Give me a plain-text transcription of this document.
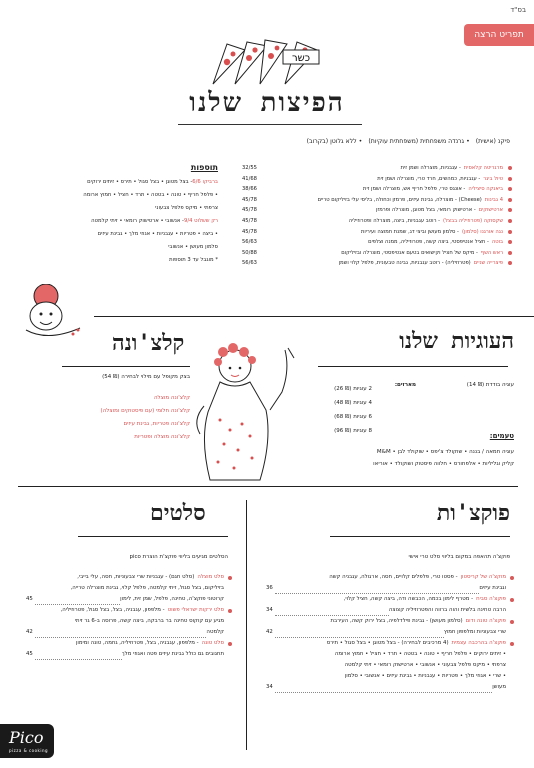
בס"ד
תפריט הרצה
כשר
הפיצות שלנו
פיקנ (אישית)• גרנדה משפחתית (משפחתית עוקיות)• ללא גלוטן (בקרוב)
מרגריטה קלאסית
- עגבניות, מוצרלה ושמן זית
32/55
טיול ביגר
- עגבניות, כמהשים, חרד טרי, מוצרלה ושמן זית
41/68
ביאנקה סיציליה
- אונגס טרי, פלפל חריף אש, מוצרלה ושמן זית
38/66
4 גבינות
(Cheese) - מוצרלה, גבינת עיזים, פרמזן וכחולה, בליסי עלי בזיליקום טריים
45/78
ארטישוקים
- ארטישוק רומאי, בצל מטוגן, מוצרלה ופרמזן
45/78
שקסוקה (פטרוזיליה בבצל)
- רוטב עגבניות, ביצה, מוצרלה ופטרוזיליה
45/78
נגה אורגנו (סלמון)
- סלמון מעושן וביצי דג, שמנת חמוצה ועיריות
45/78
בוטה
- חציל אנטיפסטי, ביצה קשה, פטרוזיליה, ממנה וצלפים
56/63
ראש השף
- מיקס של חציל וקישואים בטעם אנטיפסטי, מוצרלה ובזיליקום
50/88
פיצרייה שניים
(פטרוזיליה) - רוטב עגבניות, גבינה טבעונית, פלפל קלוי ושמן
56/63
תוספות
ברביקו 6/6- בצל מטוגן • בצל סגול • תירס • זיתים ירוקים
• פלפל חריף • טונה • בטטה • תרד • חציל • חמוץ ארומה
צרפתי • מיקס פלפל צבעוני
רק ששלוט 9/4- אנשובי • ארטישוק רומאי • זיתי קלמטה
• ביצה • פטריות • עגבניות • אגוזי מלך • גבינת עיזים
סלמון מעושן • אנשובי
* מוגבל עד 3 תוספות
קלצ'ונה
בצק מקופל עם מילוי לבחירה (₪ 54)
קלצ'ונה מוצלה
קלצ'ונה חלומי (עם פיסטוקים ומוצלה)
קלצ'ונה פטריות, גבינת עיזים
קלצ'ונה מוצלה ופטריות
העוגיות שלנו
עוגיה בודדת (₪ 14)
מארזים:
2 עוגיות (₪ 26)
4 עוגיות (₪ 48)
6 עוגיות (₪ 68)
8 עוגיות (₪ 96)
טעמים:
עוגיה חמאה / בננה • שוקולד צ'יפס • שוקולד לבן • M&M
קליק וגליליות • אלפחורס • חלווה פיסטוק ושוקולד • אוריאו
סלטים
הסלטים מגיעים בליווי פוקצ'ת הוצרת pico
סלט מוצלה
(סלט חגם) - עגבניות שרי צבעוניות, חסה, עלי בייבי,
בזיליקום, בצל סגול, זיתי קלמטה, פלפל קלוי, גבינת מוצרלה טרייה,
קרוטוני פוקצ'ה, טחינה, פלפל, שמן זית, לימון
45
סלט ירקות ישראלי פשוט
- מלפפון, עגבניה, בצל, בצל סגול, פטרוזיליה,
מגיע עם קוקוס טחינה בר ברבקה, ביצה קשה, פרוסה ב-6 גר זיתי
קלמטה
42
סלט טונה
- מלפפון, עגבניה, בצל, פטרוזיליה, גחמה, טונה ומימון
תחגובים גם כולל גבינת עיזים פטה ואגוזי מלך
45
פוקצ'ות
פוקצ'ה תהאפה במקום בליווי סלט טרי אישי
מוקצ'ה של קריסטון
- פסטו טרי, פלפלים קלויים, חסה, ארגולה, עגבניה קשה
וגבינת עיזים
36
פוקצ'ה סביח
- מטרף לימון בכמה, הכבשה ודה, ביצה קשה, חציל קלוי,
הרבה טחינה בלשית והוה ברווה והפטרוזיליה קצוצה
34
פוקצ'ה טונה ודום
(סלמון מעושן) - גבינת פילדלפיה, בצל ירוק קשה, העירבת
שרי צבעוניות ומלפפון חמוץ
42
פוקצ'ה בהרכבה עצמית
(4 מרכיבים לבחירה) - בצל מטוגן • בצל סגול • תירס
• זיתים ירוקים • פלפל חריף • טונה • בטטה • תרד • חציל • חמוץ ארומה
צרפתי • מיקס פלפל צבעוני • אנשובי • ארטישוק רומאי • זיתי קלמטה
• שרי • אגוזי מלך • פטריות • עגבניות • גבינת עיזים • אנשובי • סלמון
מעושן
34
Pico
pizza & cooking
